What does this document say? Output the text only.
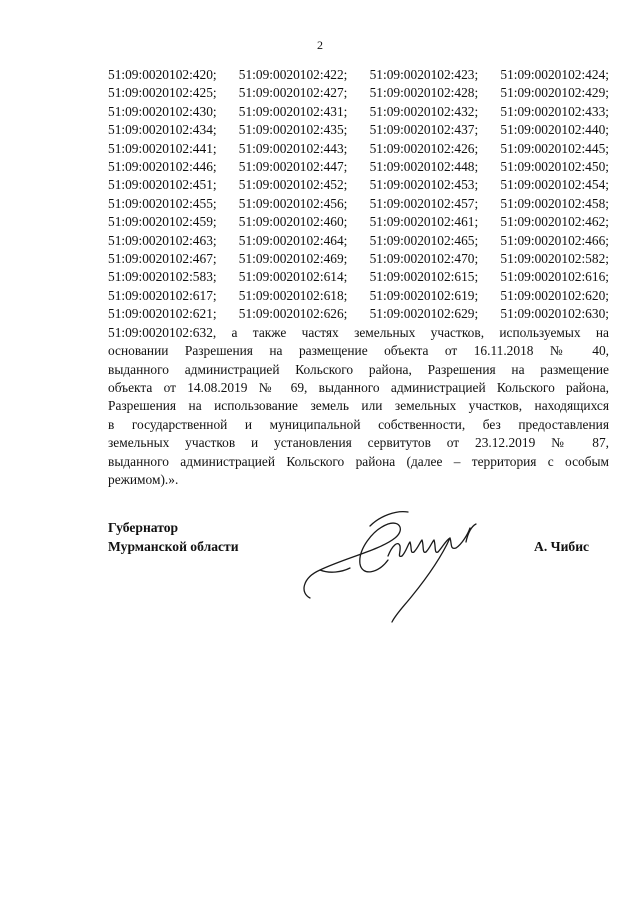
2
51:09:0020102:420; 51:09:0020102:422; 51:09:0020102:423; 51:09:0020102:424;
51:09:0020102:425; 51:09:0020102:427; 51:09:0020102:428; 51:09:0020102:429;
51:09:0020102:430; 51:09:0020102:431; 51:09:0020102:432; 51:09:0020102:433;
51:09:0020102:434; 51:09:0020102:435; 51:09:0020102:437; 51:09:0020102:440;
51:09:0020102:441; 51:09:0020102:443; 51:09:0020102:426; 51:09:0020102:445;
51:09:0020102:446; 51:09:0020102:447; 51:09:0020102:448; 51:09:0020102:450;
51:09:0020102:451; 51:09:0020102:452; 51:09:0020102:453; 51:09:0020102:454;
51:09:0020102:455; 51:09:0020102:456; 51:09:0020102:457; 51:09:0020102:458;
51:09:0020102:459; 51:09:0020102:460; 51:09:0020102:461; 51:09:0020102:462;
51:09:0020102:463; 51:09:0020102:464; 51:09:0020102:465; 51:09:0020102:466;
51:09:0020102:467; 51:09:0020102:469; 51:09:0020102:470; 51:09:0020102:582;
51:09:0020102:583; 51:09:0020102:614; 51:09:0020102:615; 51:09:0020102:616;
51:09:0020102:617; 51:09:0020102:618; 51:09:0020102:619; 51:09:0020102:620;
51:09:0020102:621; 51:09:0020102:626; 51:09:0020102:629; 51:09:0020102:630;
51:09:0020102:632, а также частях земельных участков, используемых на
основании Разрешения на размещение объекта от 16.11.2018 № 40,
выданного администрацией Кольского района, Разрешения на размещение
объекта от 14.08.2019 № 69, выданного администрацией Кольского района,
Разрешения на использование земель или земельных участков, находящихся
в государственной и муниципальной собственности, без предоставления
земельных участков и установления сервитутов от 23.12.2019 № 87,
выданного администрацией Кольского района (далее – территория с особым
режимом).».
Губернатор
Мурманской области	А. Чибис
